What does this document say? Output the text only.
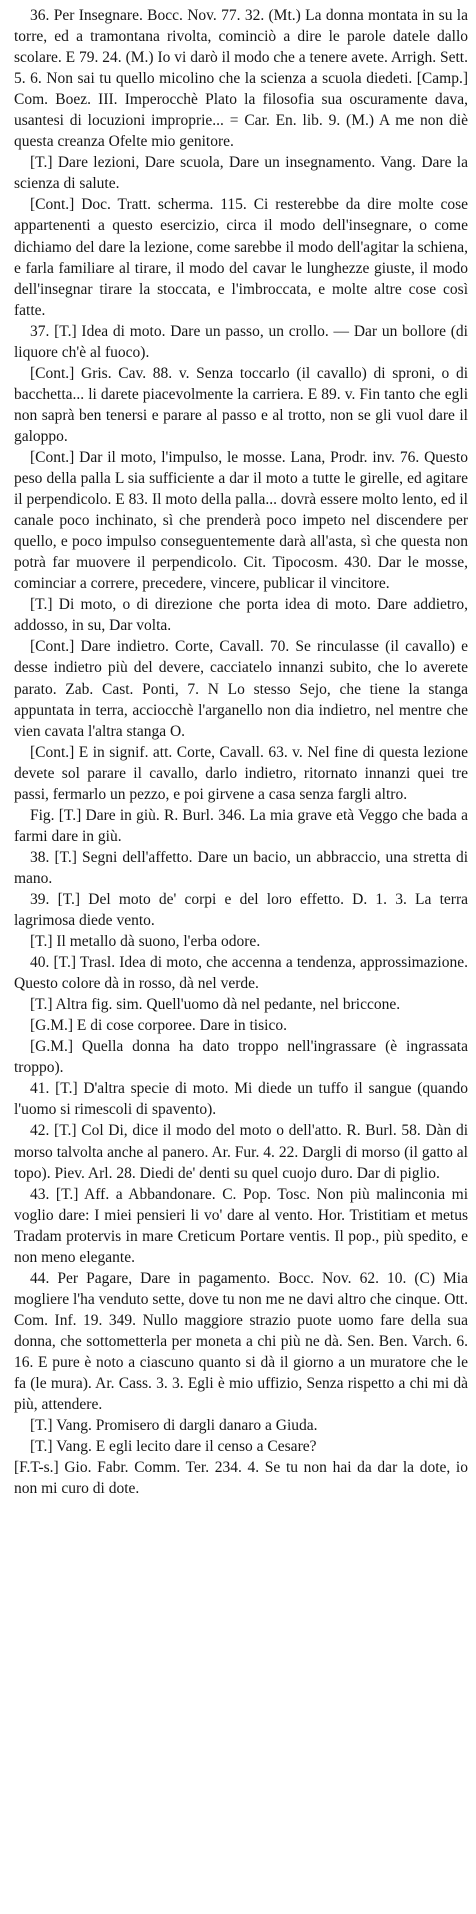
36. Per Insegnare. Bocc. Nov. 77. 32. (Mt.) La donna montata in su la torre, ed a tramontana rivolta, cominciò a dire le parole datele dallo scolare. E 79. 24. (M.) Io vi darò il modo che a tenere avete. Arrigh. Sett. 5. 6. Non sai tu quello micolino che la scienza a scuola diedeti. [Camp.] Com. Boez. III. Imperocchè Plato la filosofia sua oscuramente dava, usantesi di locuzioni improprie... = Car. En. lib. 9. (M.) A me non diè questa creanza Ofelte mio genitore.

[T.] Dare lezioni, Dare scuola, Dare un insegnamento. Vang. Dare la scienza di salute.

[Cont.] Doc. Tratt. scherma. 115. Ci resterebbe da dire molte cose appartenenti a questo esercizio, circa il modo dell'insegnare, o come dichiamo del dare la lezione, come sarebbe il modo dell'agitar la schiena, e farla familiare al tirare, il modo del cavar le lunghezze giuste, il modo dell'insegnar tirare la stoccata, e l'imbroccata, e molte altre cose così fatte.

37. [T.] Idea di moto. Dare un passo, un crollo. — Dar un bollore (di liquore ch'è al fuoco).

[Cont.] Gris. Cav. 88. v. Senza toccarlo (il cavallo) di sproni, o di bacchetta... li darete piacevolmente la carriera. E 89. v. Fin tanto che egli non saprà ben tenersi e parare al passo e al trotto, non se gli vuol dare il galoppo.

[Cont.] Dar il moto, l'impulso, le mosse. Lana, Prodr. inv. 76. Questo peso della palla L sia sufficiente a dar il moto a tutte le girelle, ed agitare il perpendicolo. E 83. Il moto della palla... dovrà essere molto lento, ed il canale poco inchinato, sì che prenderà poco impeto nel discendere per quello, e poco impulso conseguentemente darà all'asta, sì che questa non potrà far muovere il perpendicolo. Cit. Tipocosm. 430. Dar le mosse, cominciar a correre, precedere, vincere, publicar il vincitore.

[T.] Di moto, o di direzione che porta idea di moto. Dare addietro, addosso, in su, Dar volta.

[Cont.] Dare indietro. Corte, Cavall. 70. Se rinculasse (il cavallo) e desse indietro più del devere, cacciatelo innanzi subito, che lo averete parato. Zab. Cast. Ponti, 7. N Lo stesso Sejo, che tiene la stanga appuntata in terra, acciocchè l'arganello non dia indietro, nel mentre che vien cavata l'altra stanga O.

[Cont.] E in signif. att. Corte, Cavall. 63. v. Nel fine di questa lezione devete sol parare il cavallo, darlo indietro, ritornato innanzi quei tre passi, fermarlo un pezzo, e poi girvene a casa senza fargli altro.

Fig. [T.] Dare in giù. R. Burl. 346. La mia grave età Veggo che bada a farmi dare in giù.

38. [T.] Segni dell'affetto. Dare un bacio, un abbraccio, una stretta di mano.

39. [T.] Del moto de' corpi e del loro effetto. D. 1. 3. La terra lagrimosa diede vento.

[T.] Il metallo dà suono, l'erba odore.

40. [T.] Trasl. Idea di moto, che accenna a tendenza, approssimazione. Questo colore dà in rosso, dà nel verde.

[T.] Altra fig. sim. Quell'uomo dà nel pedante, nel briccone.

[G.M.] E di cose corporee. Dare in tisico.

[G.M.] Quella donna ha dato troppo nell'ingrassare (è ingrassata troppo).

41. [T.] D'altra specie di moto. Mi diede un tuffo il sangue (quando l'uomo si rimescoli di spavento).

42. [T.] Col Di, dice il modo del moto o dell'atto. R. Burl. 58. Dàn di morso talvolta anche al panero. Ar. Fur. 4. 22. Dargli di morso (il gatto al topo). Piev. Arl. 28. Diedi de' denti su quel cuojo duro. Dar di piglio.

43. [T.] Aff. a Abbandonare. C. Pop. Tosc. Non più malinconia mi voglio dare: I miei pensieri li vo' dare al vento. Hor. Tristitiam et metus Tradam protervis in mare Creticum Portare ventis. Il pop., più spedito, e non meno elegante.

44. Per Pagare, Dare in pagamento. Bocc. Nov. 62. 10. (C) Mia mogliere l'ha venduto sette, dove tu non me ne davi altro che cinque. Ott. Com. Inf. 19. 349. Nullo maggiore strazio puote uomo fare della sua donna, che sottometterla per moneta a chi più ne dà. Sen. Ben. Varch. 6. 16. E pure è noto a ciascuno quanto si dà il giorno a un muratore che le fa (le mura). Ar. Cass. 3. 3. Egli è mio uffizio, Senza rispetto a chi mi dà più, attendere.

[T.] Vang. Promisero di dargli danaro a Giuda.

[T.] Vang. E egli lecito dare il censo a Cesare?

[F.T-s.] Gio. Fabr. Comm. Ter. 234. 4. Se tu non hai da dar la dote, io non mi curo di dote.
